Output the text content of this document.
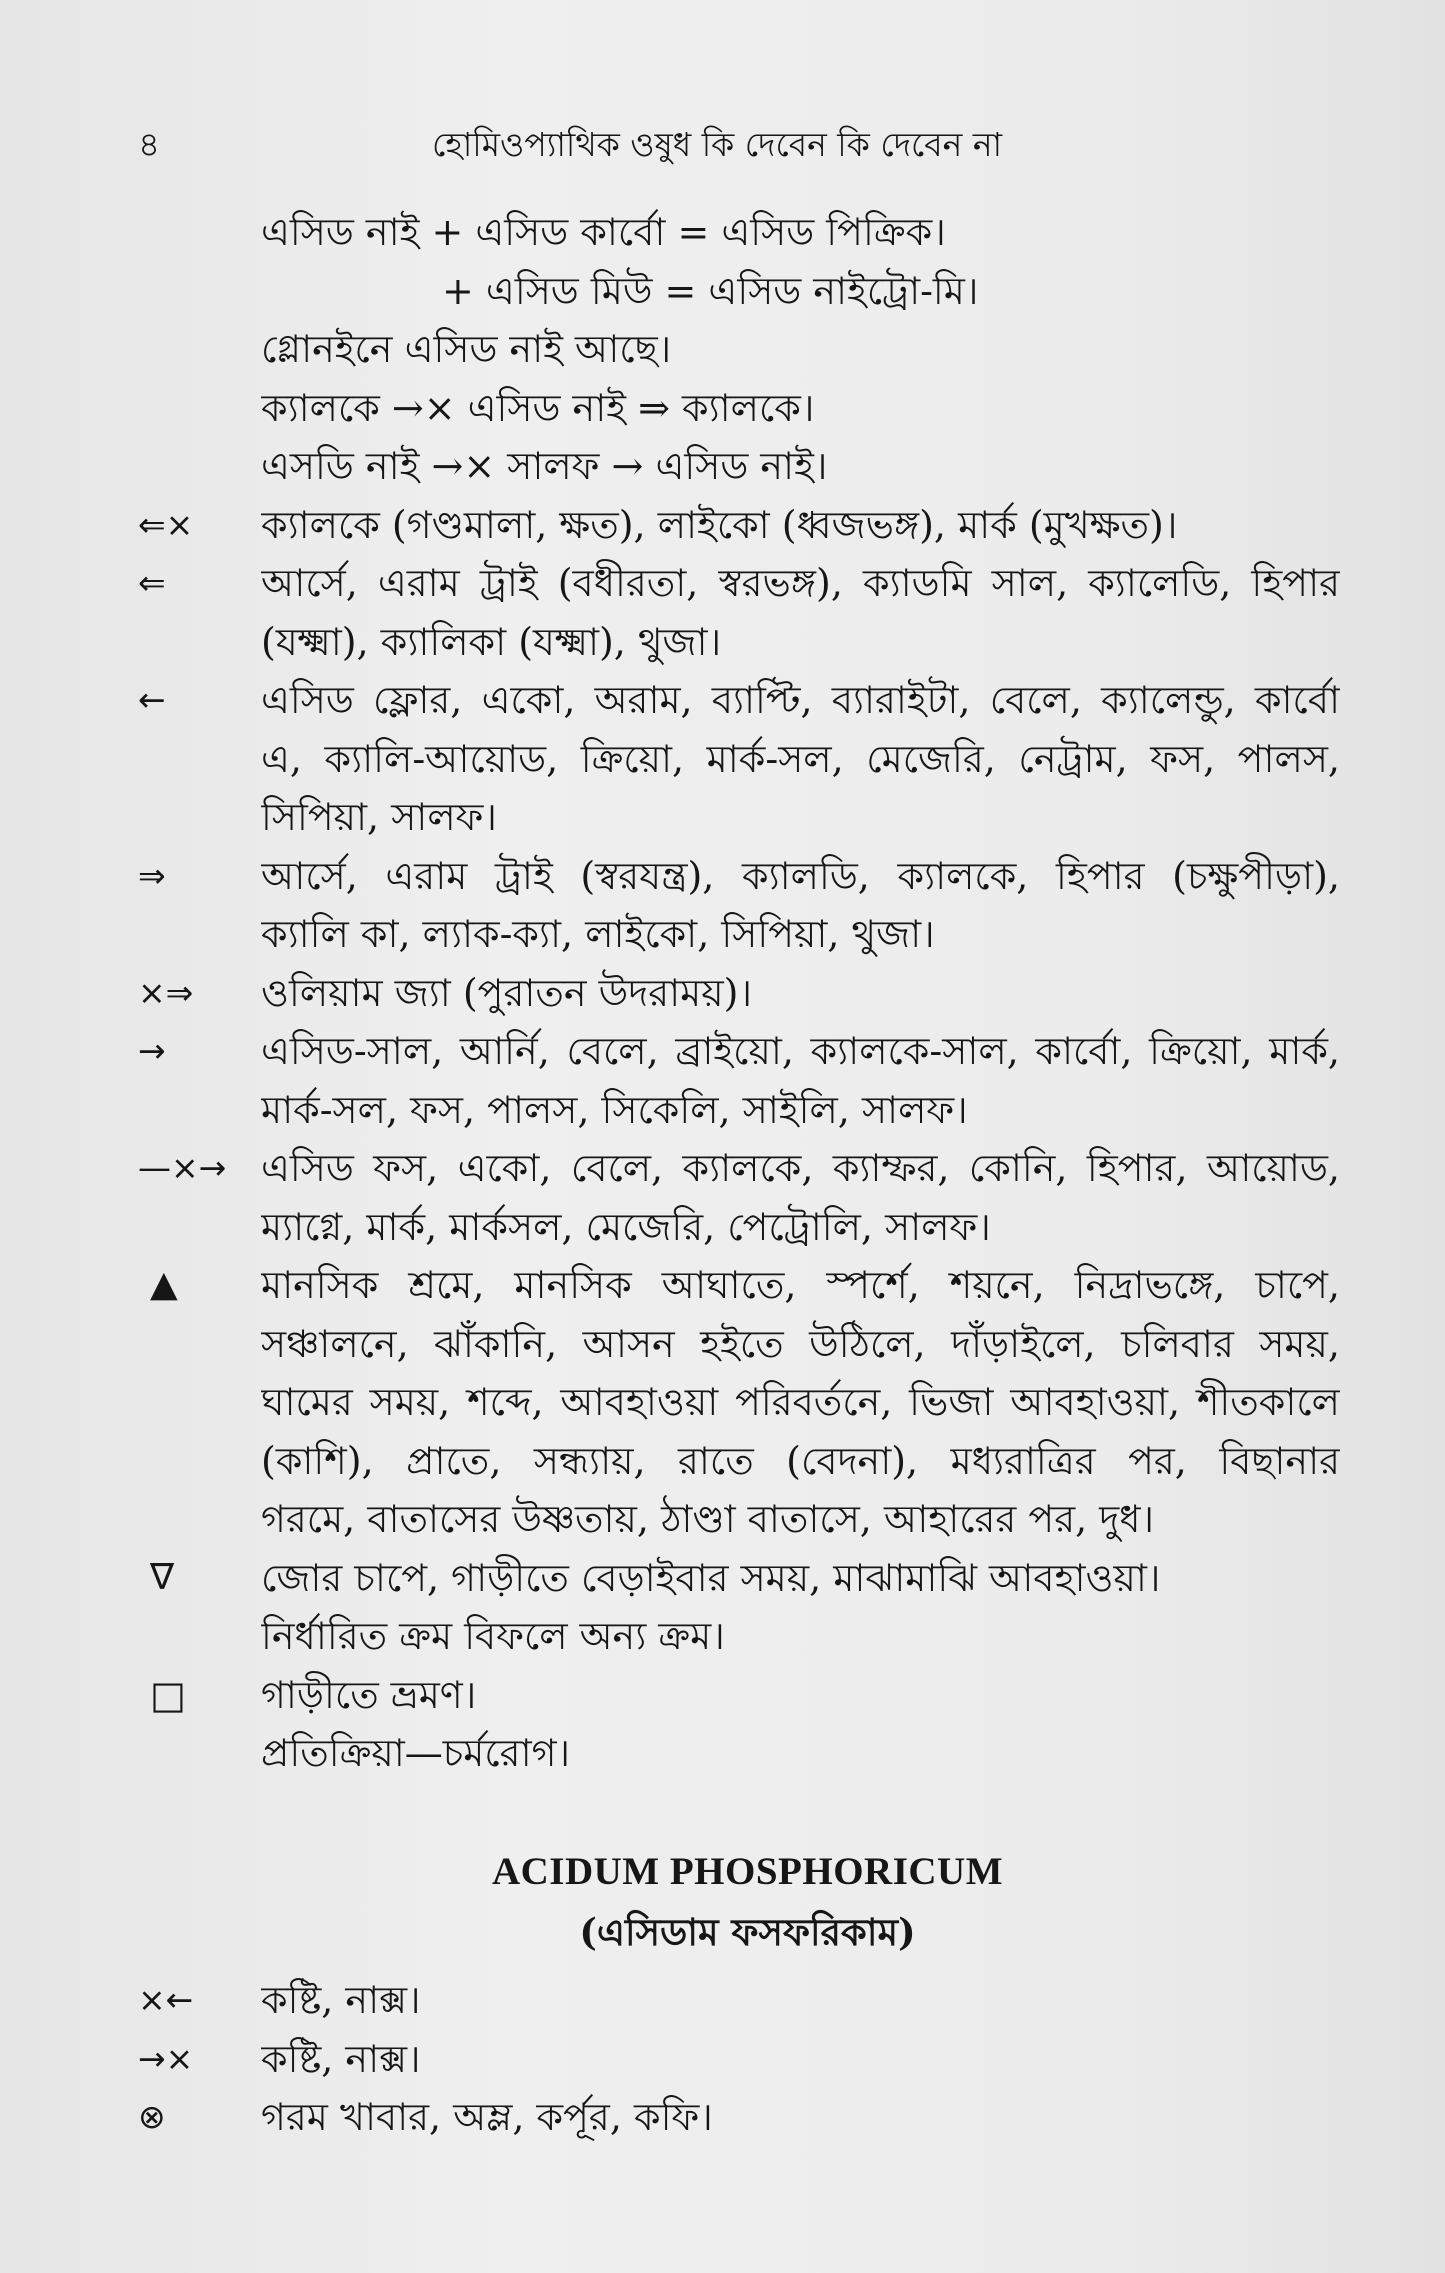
৪	হোমিওপ্যাথিক ওষুধ কি দেবেন কি দেবেন না
এসিড নাই + এসিড কার্বো = এসিড পিক্রিক।
+ এসিড মিউ = এসিড নাইট্রো-মি।
গ্লোনইনে এসিড নাই আছে।
ক্যালকে →× এসিড নাই ⇒ ক্যালকে।
এসডি নাই →× সালফ → এসিড নাই।
⇐×	ক্যালকে (গণ্ডমালা, ক্ষত), লাইকো (ধ্বজভঙ্গ), মার্ক (মুখক্ষত)।
⇐	আর্সে, এরাম ট্রাই (বধীরতা, স্বরভঙ্গ), ক্যাডমি সাল, ক্যালেডি, হিপার
(যক্ষ্মা), ক্যালিকা (যক্ষ্মা), থুজা।
←	এসিড ফ্লোর, একো, অরাম, ব্যাপ্টি, ব্যারাইটা, বেলে, ক্যালেন্ডু, কার্বো
এ, ক্যালি-আয়োড, ক্রিয়ো, মার্ক-সল, মেজেরি, নেট্রাম, ফস, পালস,
সিপিয়া, সালফ।
⇒	আর্সে, এরাম ট্রাই (স্বরযন্ত্র), ক্যালডি, ক্যালকে, হিপার (চক্ষুপীড়া),
ক্যালি কা, ল্যাক-ক্যা, লাইকো, সিপিয়া, থুজা।
×⇒	ওলিয়াম জ্যা (পুরাতন উদরাময়)।
→	এসিড-সাল, আর্নি, বেলে, ব্রাইয়ো, ক্যালকে-সাল, কার্বো, ক্রিয়ো, মার্ক,
মার্ক-সল, ফস, পালস, সিকেলি, সাইলি, সালফ।
—×→ এসিড ফস, একো, বেলে, ক্যালকে, ক্যাম্ফর, কোনি, হিপার, আয়োড,
ম্যাগ্নে, মার্ক, মার্কসল, মেজেরি, পেট্রোলি, সালফ।
▲	মানসিক শ্রমে, মানসিক আঘাতে, স্পর্শে, শয়নে, নিদ্রাভঙ্গে, চাপে,
সঞ্চালনে, ঝাঁকানি, আসন হইতে উঠিলে, দাঁড়াইলে, চলিবার সময়,
ঘামের সময়, শব্দে, আবহাওয়া পরিবর্তনে, ভিজা আবহাওয়া, শীতকালে
(কাশি), প্রাতে, সন্ধ্যায়, রাতে (বেদনা), মধ্যরাত্রির পর, বিছানার
গরমে, বাতাসের উষ্ণতায়, ঠাণ্ডা বাতাসে, আহারের পর, দুধ।
∇	জোর চাপে, গাড়ীতে বেড়াইবার সময়, মাঝামাঝি আবহাওয়া।
নির্ধারিত ক্রম বিফলে অন্য ক্রম।
□	গাড়ীতে ভ্রমণ।
প্রতিক্রিয়া—চর্মরোগ।
ACIDUM PHOSPHORICUM
(এসিডাম ফসফরিকাম)
×←	কষ্টি, নাক্স।
→×	কষ্টি, নাক্স।
⊗	গরম খাবার, অম্ল, কর্পূর, কফি।
